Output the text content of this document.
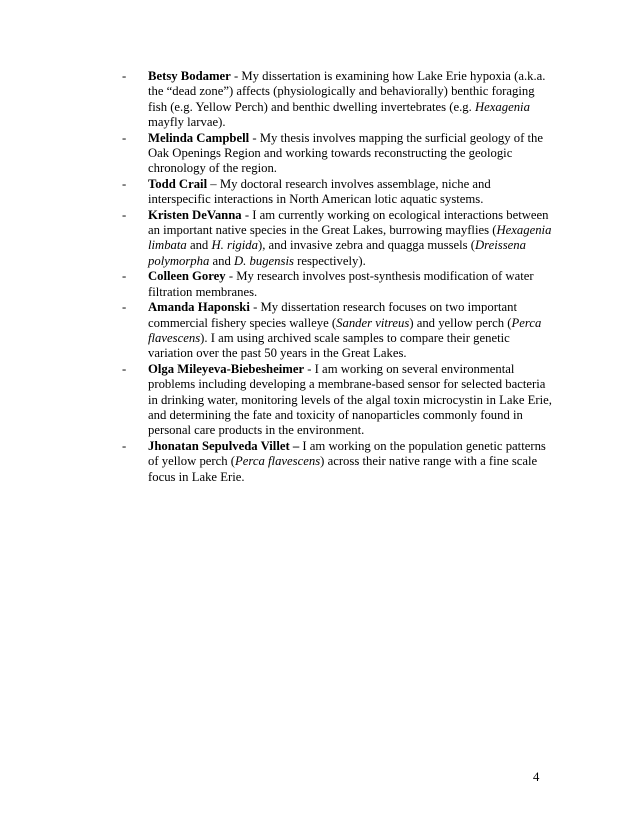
- Betsy Bodamer - My dissertation is examining how Lake Erie hypoxia (a.k.a. the “dead zone”) affects (physiologically and behaviorally) benthic foraging fish (e.g. Yellow Perch) and benthic dwelling invertebrates (e.g. Hexagenia mayfly larvae).
- Melinda Campbell - My thesis involves mapping the surficial geology of the Oak Openings Region and working towards reconstructing the geologic chronology of the region.
- Todd Crail – My doctoral research involves assemblage, niche and interspecific interactions in North American lotic aquatic systems.
- Kristen DeVanna - I am currently working on ecological interactions between an important native species in the Great Lakes, burrowing mayflies (Hexagenia limbata and H. rigida), and invasive zebra and quagga mussels (Dreissena polymorpha and D. bugensis respectively).
- Colleen Gorey - My research involves post-synthesis modification of water filtration membranes.
- Amanda Haponski - My dissertation research focuses on two important commercial fishery species walleye (Sander vitreus) and yellow perch (Perca flavescens). I am using archived scale samples to compare their genetic variation over the past 50 years in the Great Lakes.
- Olga Mileyeva-Biebesheimer - I am working on several environmental problems including developing a membrane-based sensor for selected bacteria in drinking water, monitoring levels of the algal toxin microcystin in Lake Erie, and determining the fate and toxicity of nanoparticles commonly found in personal care products in the environment.
- Jhonatan Sepulveda Villet – I am working on the population genetic patterns of yellow perch (Perca flavescens) across their native range with a fine scale focus in Lake Erie.
4
